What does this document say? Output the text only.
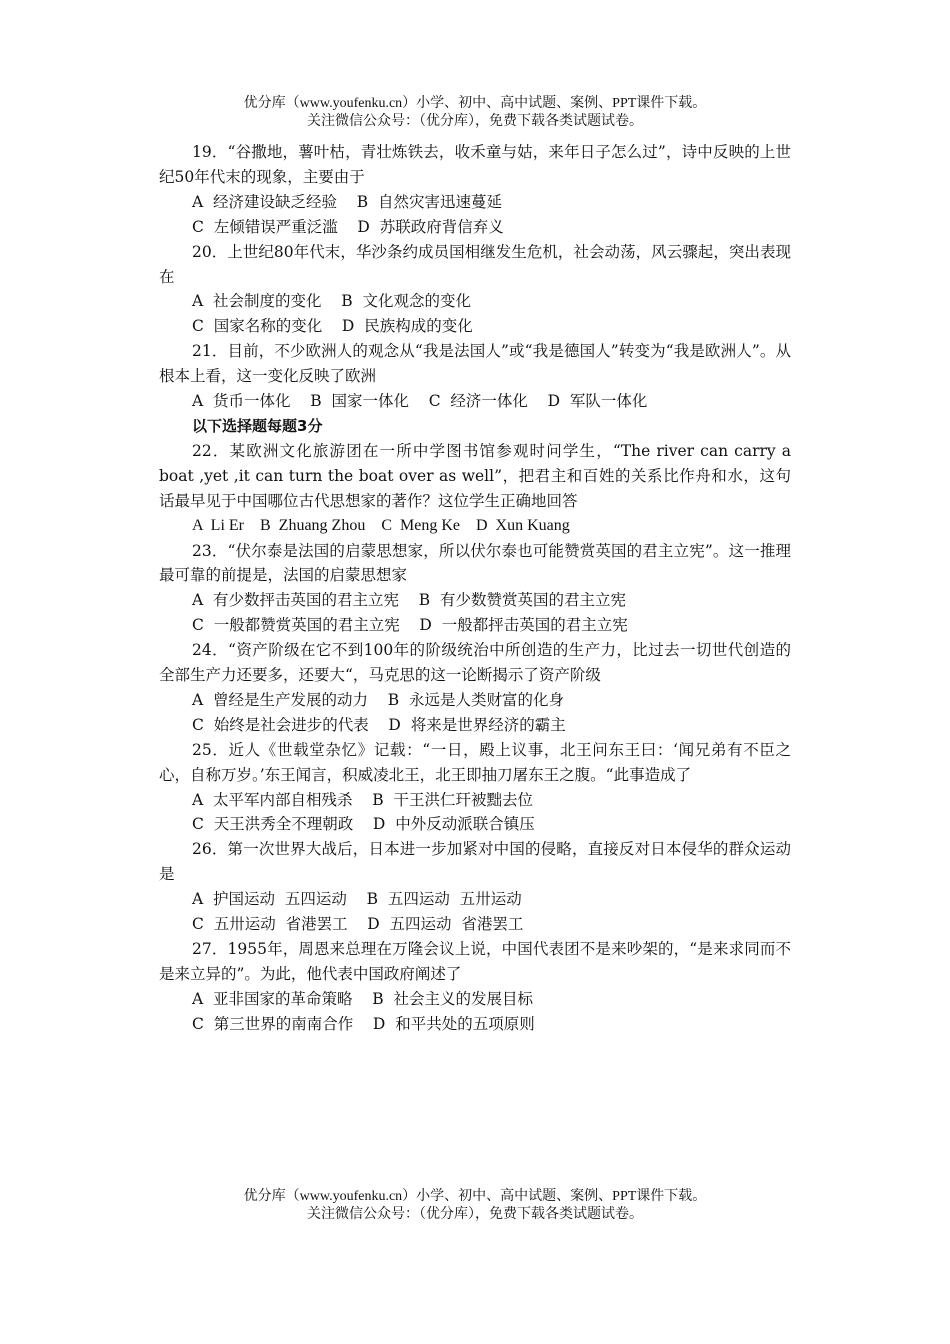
优分库（www.youfenku.cn）小学、初中、高中试题、案例、PPT课件下载。
关注微信公众号：（优分库），免费下载各类试题试卷。

19．“谷撒地，薯叶枯，青壮炼铁去，收禾童与姑，来年日子怎么过”，诗中反映的上世纪50年代末的现象，主要由于

A  经济建设缺乏经验    B  自然灾害迅速蔓延

C  左倾错误严重泛滥    D  苏联政府背信弃义

20．上世纪80年代末，华沙条约成员国相继发生危机，社会动荡，风云骤起，突出表现在

A  社会制度的变化    B  文化观念的变化

C  国家名称的变化    D  民族构成的变化

21．目前，不少欧洲人的观念从“我是法国人”或“我是德国人”转变为“我是欧洲人”。从根本上看，这一变化反映了欧洲

A  货币一体化    B  国家一体化    C  经济一体化    D  军队一体化

以下选择题每题3分

22．某欧洲文化旅游团在一所中学图书馆参观时问学生，“The river can carry a boat ,yet ,it can turn the boat over as well”，把君主和百姓的关系比作舟和水，这句话最早见于中国哪位古代思想家的著作？这位学生正确地回答

A  Li Er    B  Zhuang Zhou    C  Meng Ke    D  Xun Kuang

23．“伏尔泰是法国的启蒙思想家，所以伏尔泰也可能赞赏英国的君主立宪”。这一推理最可靠的前提是，法国的启蒙思想家

A  有少数抨击英国的君主立宪    B  有少数赞赏英国的君主立宪

C  一般都赞赏英国的君主立宪    D  一般都抨击英国的君主立宪

24．“资产阶级在它不到100年的阶级统治中所创造的生产力，比过去一切世代创造的全部生产力还要多，还要大“，马克思的这一论断揭示了资产阶级

A  曾经是生产发展的动力    B  永远是人类财富的化身

C  始终是社会进步的代表    D  将来是世界经济的霸主

25．近人《世载堂杂忆》记载：“一日，殿上议事，北王问东王曰：‘闻兄弟有不臣之心，自称万岁。’东王闻言，积威凌北王，北王即抽刀屠东王之腹。“此事造成了

A  太平军内部自相残杀    B  干王洪仁玕被黜去位

C  天王洪秀全不理朝政    D  中外反动派联合镇压

26．第一次世界大战后，日本进一步加紧对中国的侵略，直接反对日本侵华的群众运动是

A  护国运动  五四运动    B  五四运动  五卅运动

C  五卅运动  省港罢工    D  五四运动  省港罢工

27．1955年，周恩来总理在万隆会议上说，中国代表团不是来吵架的，“是来求同而不是来立异的”。为此，他代表中国政府阐述了

A  亚非国家的革命策略    B  社会主义的发展目标

C  第三世界的南南合作    D  和平共处的五项原则

优分库（www.youfenku.cn）小学、初中、高中试题、案例、PPT课件下载。
关注微信公众号：（优分库），免费下载各类试题试卷。
